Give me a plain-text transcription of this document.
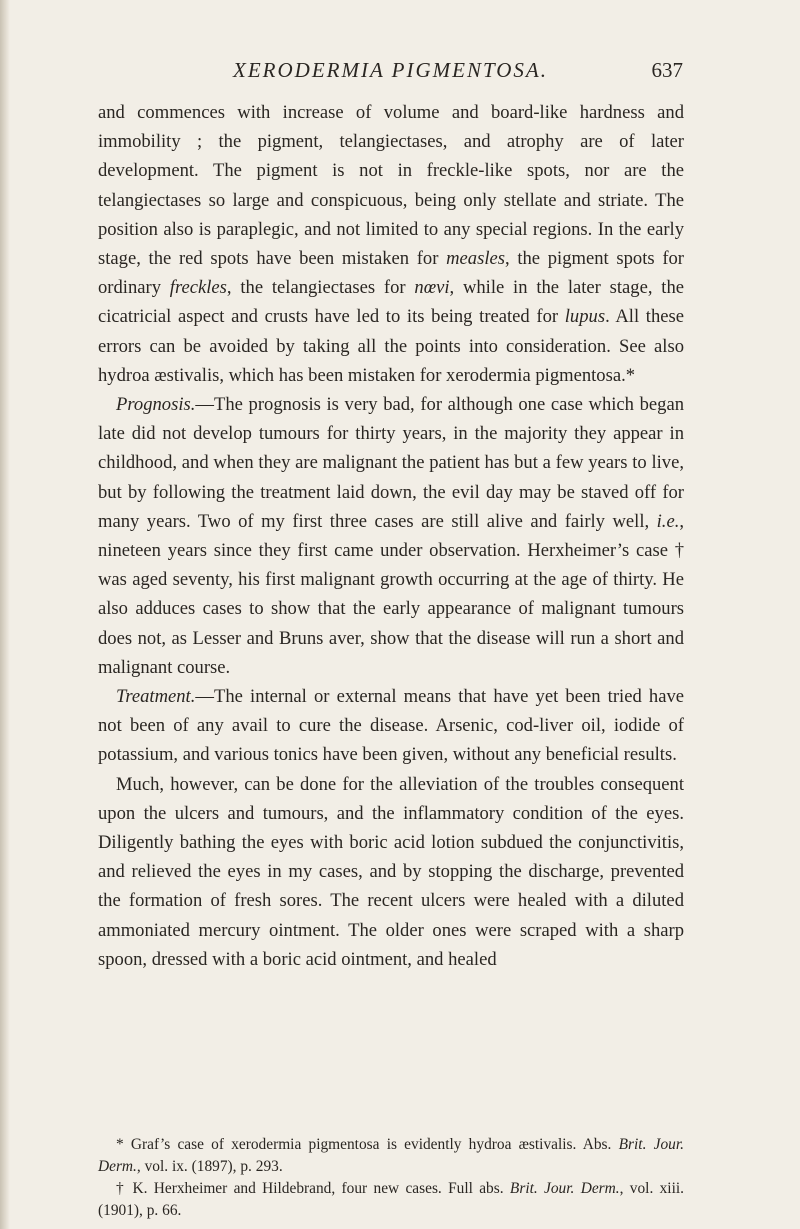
XERODERMIA PIGMENTOSA.	637

and commences with increase of volume and board-like hardness and immobility ; the pigment, telangiectases, and atrophy are of later development. The pigment is not in freckle-like spots, nor are the telangiectases so large and conspicuous, being only stellate and striate. The position also is paraplegic, and not limited to any special regions. In the early stage, the red spots have been mistaken for measles, the pigment spots for ordinary freckles, the telangiectases for nœvi, while in the later stage, the cicatricial aspect and crusts have led to its being treated for lupus. All these errors can be avoided by taking all the points into consideration. See also hydroa æstivalis, which has been mistaken for xerodermia pigmentosa.*

Prognosis.—The prognosis is very bad, for although one case which began late did not develop tumours for thirty years, in the majority they appear in childhood, and when they are malignant the patient has but a few years to live, but by following the treatment laid down, the evil day may be staved off for many years. Two of my first three cases are still alive and fairly well, i.e., nineteen years since they first came under observation. Herxheimer’s case † was aged seventy, his first malignant growth occurring at the age of thirty. He also adduces cases to show that the early appearance of malignant tumours does not, as Lesser and Bruns aver, show that the disease will run a short and malignant course.

Treatment.—The internal or external means that have yet been tried have not been of any avail to cure the disease. Arsenic, cod-liver oil, iodide of potassium, and various tonics have been given, without any beneficial results.

Much, however, can be done for the alleviation of the troubles consequent upon the ulcers and tumours, and the inflammatory condition of the eyes. Diligently bathing the eyes with boric acid lotion subdued the conjunctivitis, and relieved the eyes in my cases, and by stopping the discharge, prevented the formation of fresh sores. The recent ulcers were healed with a diluted ammoniated mercury ointment. The older ones were scraped with a sharp spoon, dressed with a boric acid ointment, and healed

* Graf’s case of xerodermia pigmentosa is evidently hydroa æstivalis. Abs. Brit. Jour. Derm., vol. ix. (1897), p. 293.

† K. Herxheimer and Hildebrand, four new cases. Full abs. Brit. Jour. Derm., vol. xiii. (1901), p. 66.
